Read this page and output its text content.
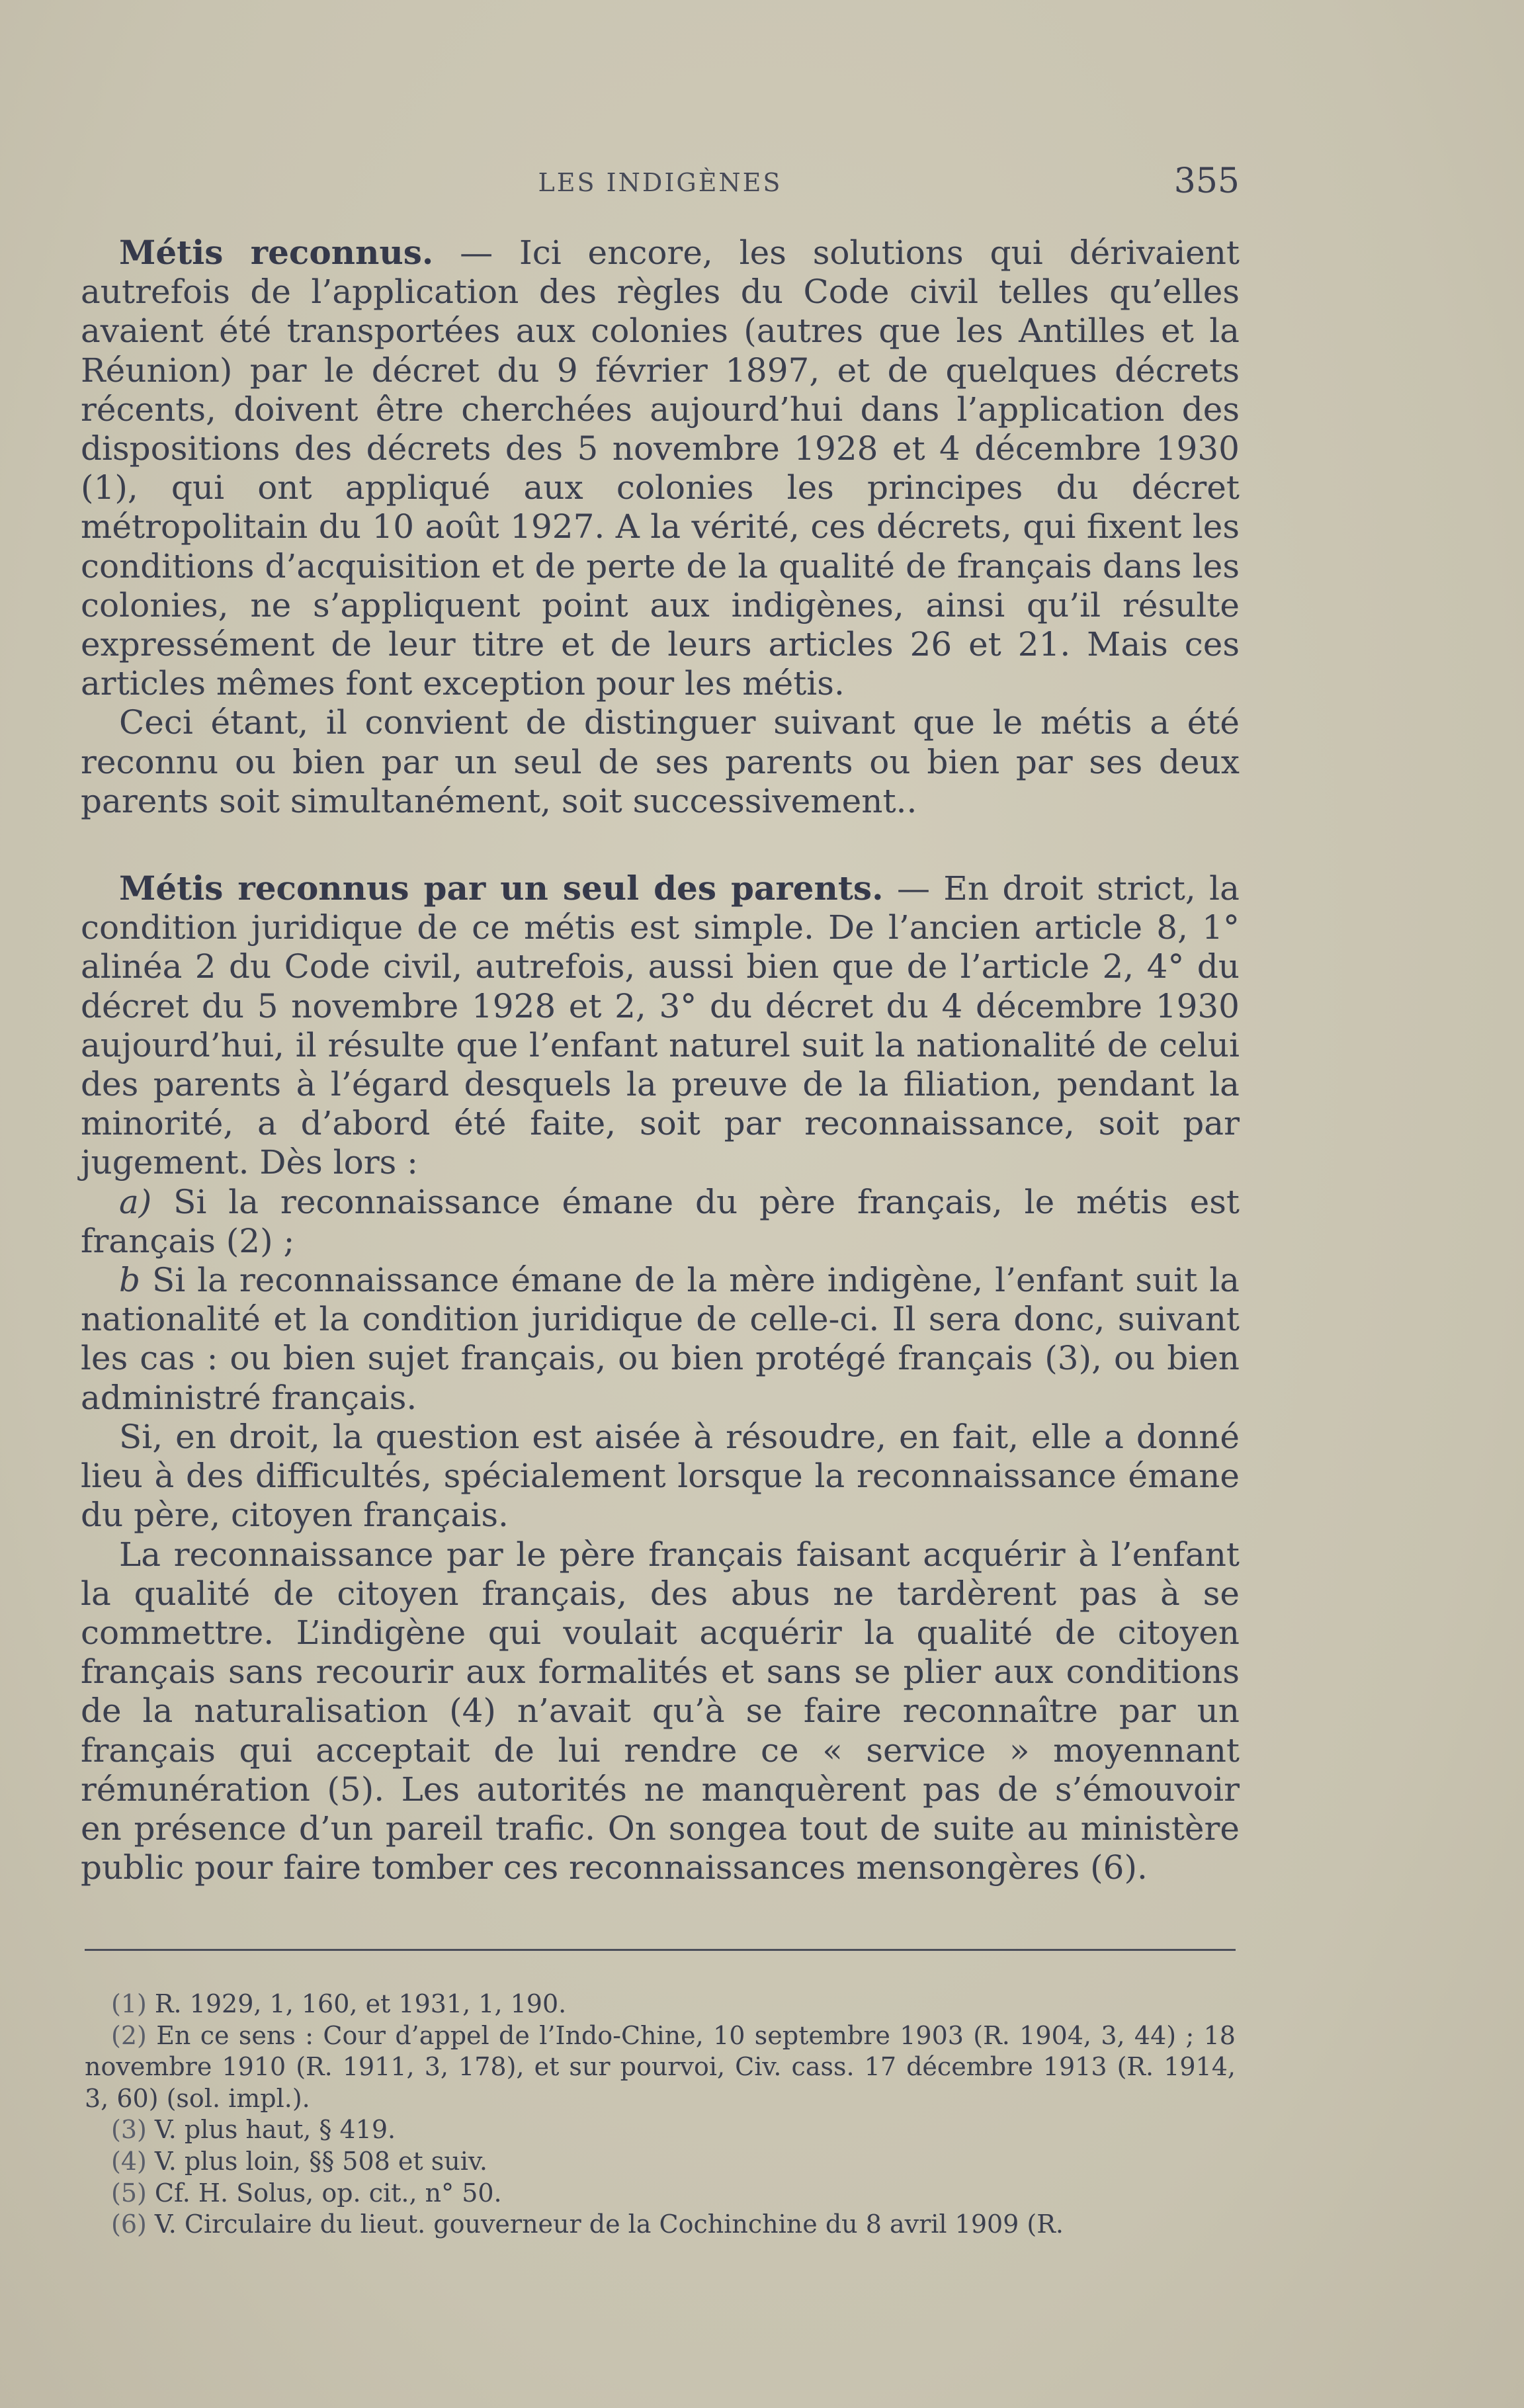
LES INDIGÈNES	355

Métis reconnus. — Ici encore, les solutions qui dérivaient autrefois de l’application des règles du Code civil telles qu’elles avaient été transportées aux colonies (autres que les Antilles et la Réunion) par le décret du 9 février 1897, et de quelques décrets récents, doivent être cherchées aujourd’hui dans l’application des dispositions des décrets des 5 novembre 1928 et 4 décembre 1930 (1), qui ont appliqué aux colonies les principes du décret métropolitain du 10 août 1927. A la vérité, ces décrets, qui fixent les conditions d’acquisition et de perte de la qualité de français dans les colonies, ne s’appliquent point aux indigènes, ainsi qu’il résulte expressément de leur titre et de leurs articles 26 et 21. Mais ces articles mêmes font exception pour les métis.

Ceci étant, il convient de distinguer suivant que le métis a été reconnu ou bien par un seul de ses parents ou bien par ses deux parents soit simultanément, soit successivement..

Métis reconnus par un seul des parents. — En droit strict, la condition juridique de ce métis est simple. De l’ancien article 8, 1° alinéa 2 du Code civil, autrefois, aussi bien que de l’article 2, 4° du décret du 5 novembre 1928 et 2, 3° du décret du 4 décembre 1930 aujourd’hui, il résulte que l’enfant naturel suit la nationalité de celui des parents à l’égard desquels la preuve de la filiation, pendant la minorité, a d’abord été faite, soit par reconnaissance, soit par jugement. Dès lors :

a) Si la reconnaissance émane du père français, le métis est français (2) ;

b Si la reconnaissance émane de la mère indigène, l’enfant suit la nationalité et la condition juridique de celle-ci. Il sera donc, suivant les cas : ou bien sujet français, ou bien protégé français (3), ou bien administré français.

Si, en droit, la question est aisée à résoudre, en fait, elle a donné lieu à des difficultés, spécialement lorsque la reconnaissance émane du père, citoyen français.

La reconnaissance par le père français faisant acquérir à l’enfant la qualité de citoyen français, des abus ne tardèrent pas à se commettre. L’indigène qui voulait acquérir la qualité de citoyen français sans recourir aux formalités et sans se plier aux conditions de la naturalisation (4) n’avait qu’à se faire reconnaître par un français qui acceptait de lui rendre ce « service » moyennant rémunération (5). Les autorités ne manquèrent pas de s’émouvoir en présence d’un pareil trafic. On songea tout de suite au ministère public pour faire tomber ces reconnaissances mensongères (6).

(1) R. 1929, 1, 160, et 1931, 1, 190.

(2) En ce sens : Cour d’appel de l’Indo-Chine, 10 septembre 1903 (R. 1904, 3, 44) ; 18 novembre 1910 (R. 1911, 3, 178), et sur pourvoi, Civ. cass. 17 décembre 1913 (R. 1914, 3, 60) (sol. impl.).

(3) V. plus haut, § 419.

(4) V. plus loin, §§ 508 et suiv.

(5) Cf. H. Solus, op. cit., n° 50.

(6) V. Circulaire du lieut. gouverneur de la Cochinchine du 8 avril 1909 (R.
